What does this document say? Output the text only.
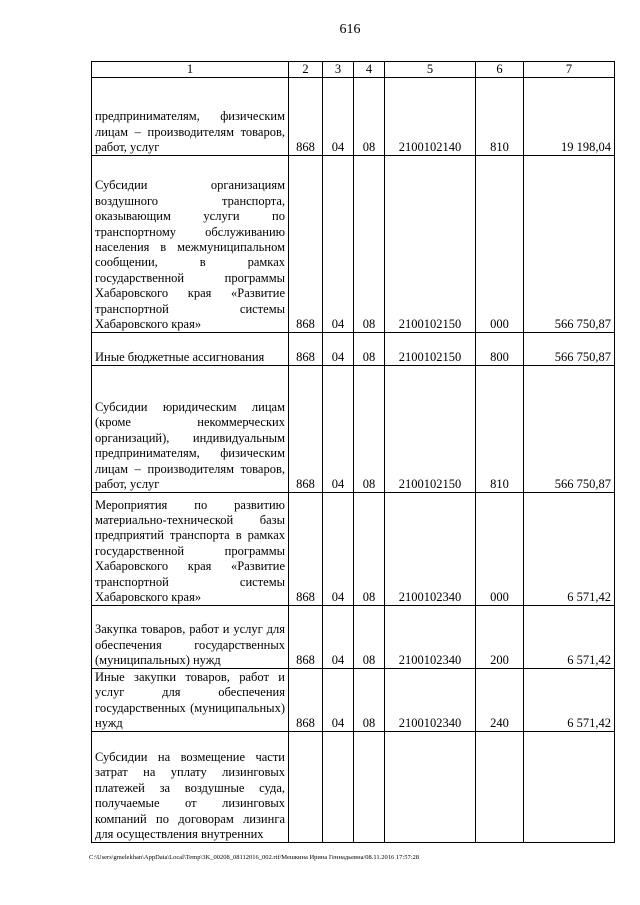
616
1	2	3	4	5	6	7
предпринимателям, физическим лицам – производителям товаров, работ, услуг	868	04	08	2100102140	810	19 198,04
Субсидии организациям воздушного транспорта, оказывающим услуги по транспортному обслуживанию населения в межмуниципальном сообщении, в рамках государственной программы Хабаровского края «Развитие транспортной системы Хабаровского края»	868	04	08	2100102150	000	566 750,87
Иные бюджетные ассигнования	868	04	08	2100102150	800	566 750,87
Субсидии юридическим лицам (кроме некоммерческих организаций), индивидуальным предпринимателям, физическим лицам – производителям товаров, работ, услуг	868	04	08	2100102150	810	566 750,87
Мероприятия по развитию материально-технической базы предприятий транспорта в рамках государственной программы Хабаровского края «Развитие транспортной системы Хабаровского края»	868	04	08	2100102340	000	6 571,42
Закупка товаров, работ и услуг для обеспечения государственных (муниципальных) нужд	868	04	08	2100102340	200	6 571,42
Иные закупки товаров, работ и услуг для обеспечения государственных (муниципальных) нужд	868	04	08	2100102340	240	6 571,42
Субсидии на возмещение части затрат на уплату лизинговых платежей за воздушные суда, получаемые от лизинговых компаний по договорам лизинга для осуществления внутренних						
C:\Users\gmelekhan\AppData\Local\Temp\3K_00208_08112016_002.rtf/Мешкина Ирина Геннадьевна/08.11.2016 17:57:28
